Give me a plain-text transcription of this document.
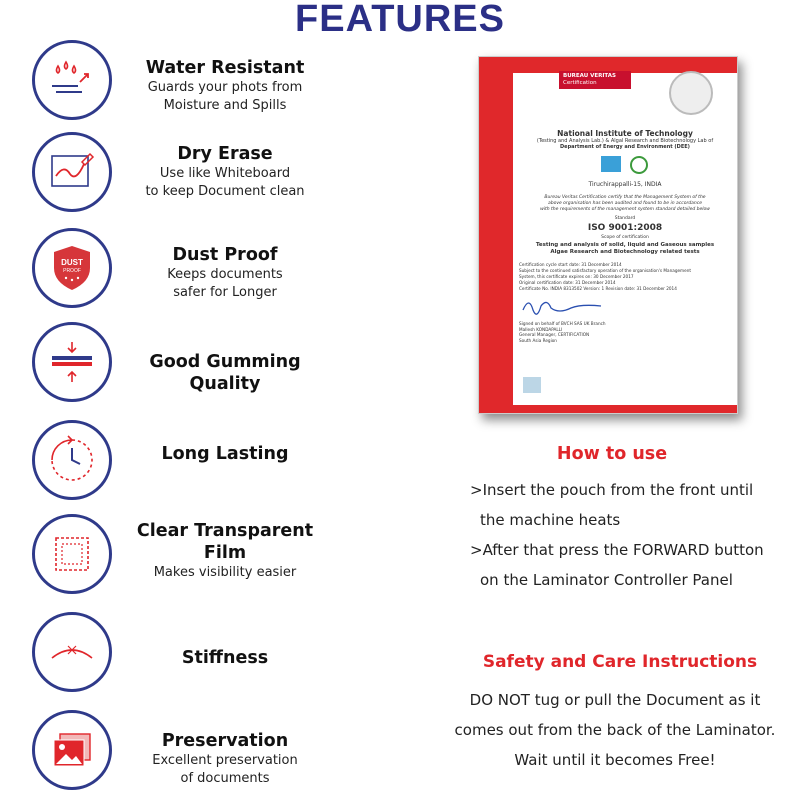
FEATURES
Water Resistant
Guards your phots from
Moisture and Spills
Dry Erase
Use like Whiteboard
to keep Document clean
DUST
PROOF
Dust Proof
Keeps documents
safer for Longer
Good Gumming
Quality
Long Lasting
Clear Transparent
Film
Makes visibility easier
Stiffness
Preservation
Excellent preservation
of documents
BUREAU VERITAS
Certification
National Institute of Technology
(Testing and Analysis Lab.) & Algal Research and Biotechnology Lab of
Department of Energy and Environment (DEE)
Tiruchirappalli-15, INDIA
Bureau Veritas Certification certify that the Management System of the
above organisation has been audited and found to be in accordance
with the requirements of the management system standard detailed below
Standard
ISO 9001:2008
Scope of certification
Testing and analysis of solid, liquid and Gaseous samples
Algae Research and Biotechnology related tests
Certification cycle start date: 31 December 2014
Subject to the continued satisfactory operation of the organisation's Management
System, this certificate expires on: 30 December 2017
Original certification date: 31 December 2014
Certificate No. INDIA 8313502 Version: 1 Revision date: 31 December 2014
Signed on behalf of BVCH SAS UK Branch
Mallesh KONDAPALLI
General Manager, CERTIFICATION
South Asia Region
How to use
>Insert the pouch from the front until
the machine heats
>After that press the FORWARD button
on the Laminator Controller Panel
Safety and Care Instructions
DO NOT tug or pull the Document as it
comes out from the back of the Laminator.
Wait until it becomes Free!
